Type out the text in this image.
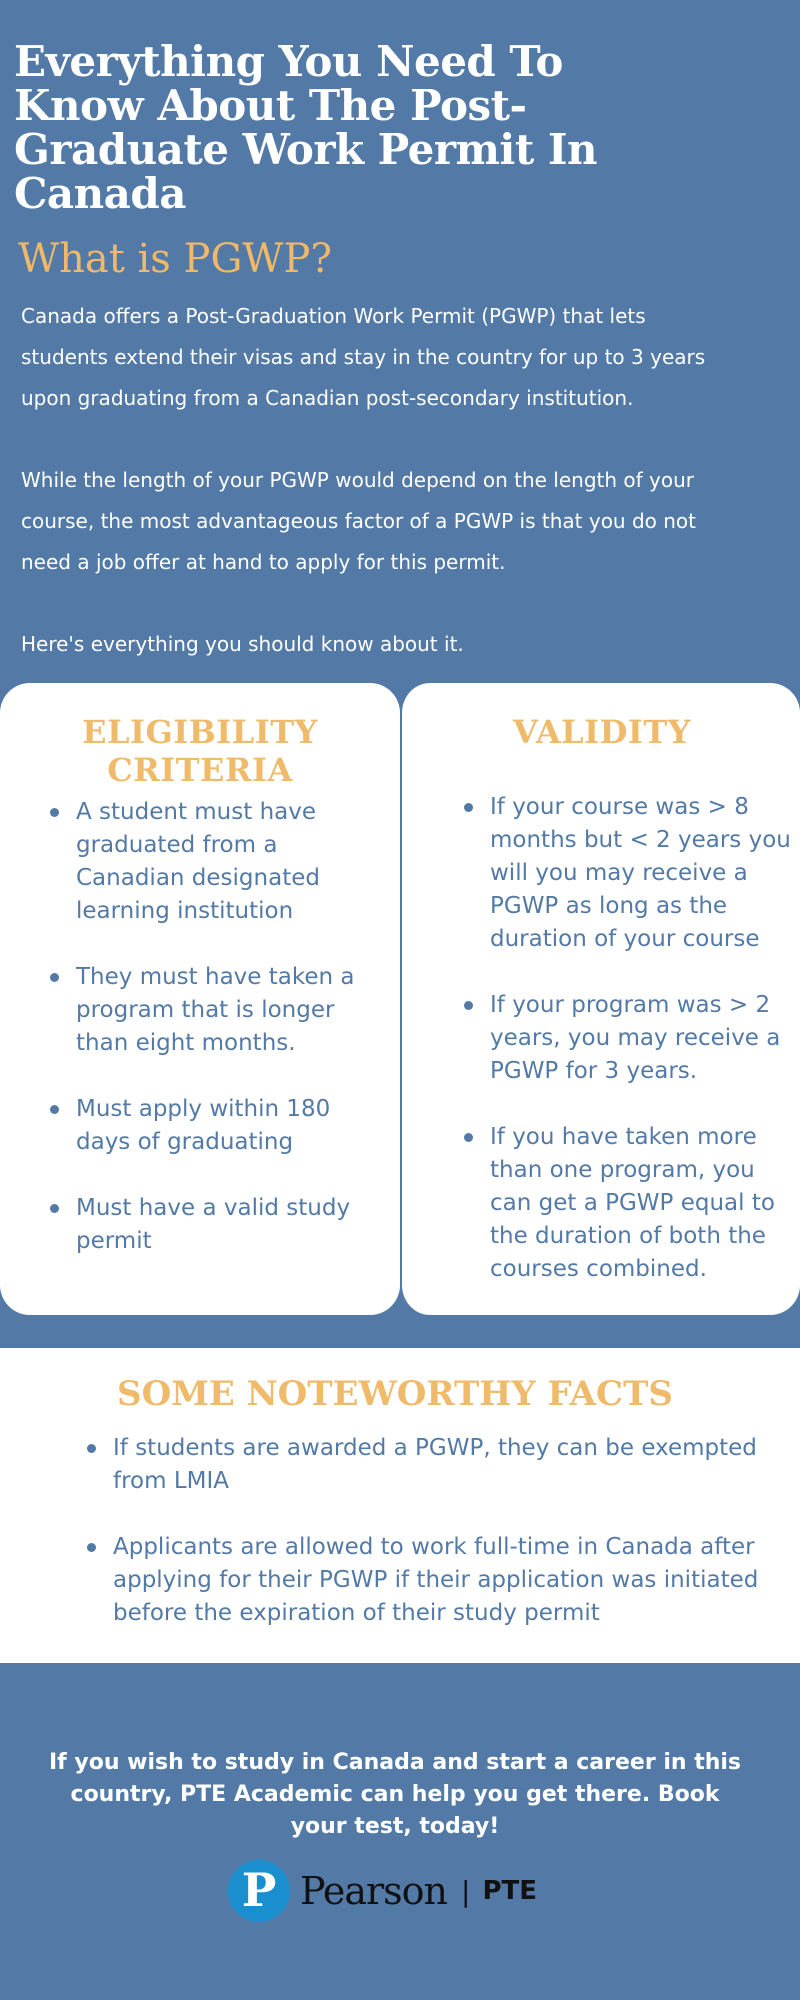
Everything You Need To Know About The Post-Graduate Work Permit In Canada
What is PGWP?

Canada offers a Post-Graduation Work Permit (PGWP) that lets students extend their visas and stay in the country for up to 3 years upon graduating from a Canadian post-secondary institution.

While the length of your PGWP would depend on the length of your course, the most advantageous factor of a PGWP is that you do not need a job offer at hand to apply for this permit.

Here's everything you should know about it.

ELIGIBILITY CRITERIA
A student must have graduated from a Canadian designated learning institution
They must have taken a program that is longer than eight months.
Must apply within 180 days of graduating
Must have a valid study permit
VALIDITY
If your course was > 8 months but < 2 years you will you may receive a PGWP as long as the duration of your course
If your program was > 2 years, you may receive a PGWP for 3 years.
If you have taken more than one program, you can get a PGWP equal to the duration of both the courses combined.
SOME NOTEWORTHY FACTS
If students are awarded a PGWP, they can be exempted from LMIA
Applicants are allowed to work full-time in Canada after applying for their PGWP if their application was initiated before the expiration of their study permit

If you wish to study in Canada and start a career in this country, PTE Academic can help you get there. Book your test, today!

P Pearson | PTE
